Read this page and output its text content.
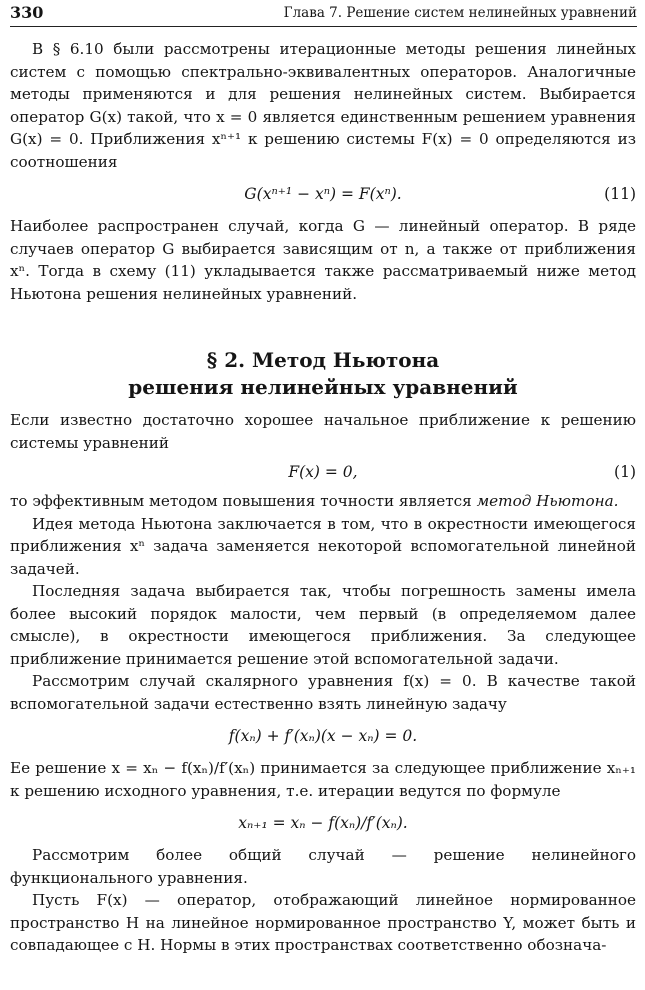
330	Глава 7. Решение систем нелинейных уравнений

В § 6.10 были рассмотрены итерационные методы решения линейных систем с помощью спектрально-эквивалентных операторов. Аналогичные методы применяются и для решения нелинейных систем. Выбирается оператор G(x) такой, что x = 0 является единственным решением уравнения G(x) = 0. Приближения xⁿ⁺¹ к решению системы F(x) = 0 определяются из соотношения

G(xⁿ⁺¹ − xⁿ) = F(xⁿ).	(11)

Наиболее распространен случай, когда G — линейный оператор. В ряде случаев оператор G выбирается зависящим от n, а также от приближения xⁿ. Тогда в схему (11) укладывается также рассматриваемый ниже метод Ньютона решения нелинейных уравнений.

§ 2. Метод Ньютона
решения нелинейных уравнений

Если известно достаточно хорошее начальное приближение к решению системы уравнений

F(x) = 0,	(1)

то эффективным методом повышения точности является метод Ньютона.

Идея метода Ньютона заключается в том, что в окрестности имеющегося приближения xⁿ задача заменяется некоторой вспомогательной линейной задачей.

Последняя задача выбирается так, чтобы погрешность замены имела более высокий порядок малости, чем первый (в определяемом далее смысле), в окрестности имеющегося приближения. За следующее приближение принимается решение этой вспомогательной задачи.

Рассмотрим случай скалярного уравнения f(x) = 0. В качестве такой вспомогательной задачи естественно взять линейную задачу

f(xₙ) + f′(xₙ)(x − xₙ) = 0.

Ее решение x = xₙ − f(xₙ)/f′(xₙ) принимается за следующее приближение xₙ₊₁ к решению исходного уравнения, т.е. итерации ведутся по формуле

xₙ₊₁ = xₙ − f(xₙ)/f′(xₙ).

Рассмотрим более общий случай — решение нелинейного функционального уравнения.

Пусть F(x) — оператор, отображающий линейное нормированное пространство H на линейное нормированное пространство Y, может быть и совпадающее с H. Нормы в этих пространствах соответственно обознача-
